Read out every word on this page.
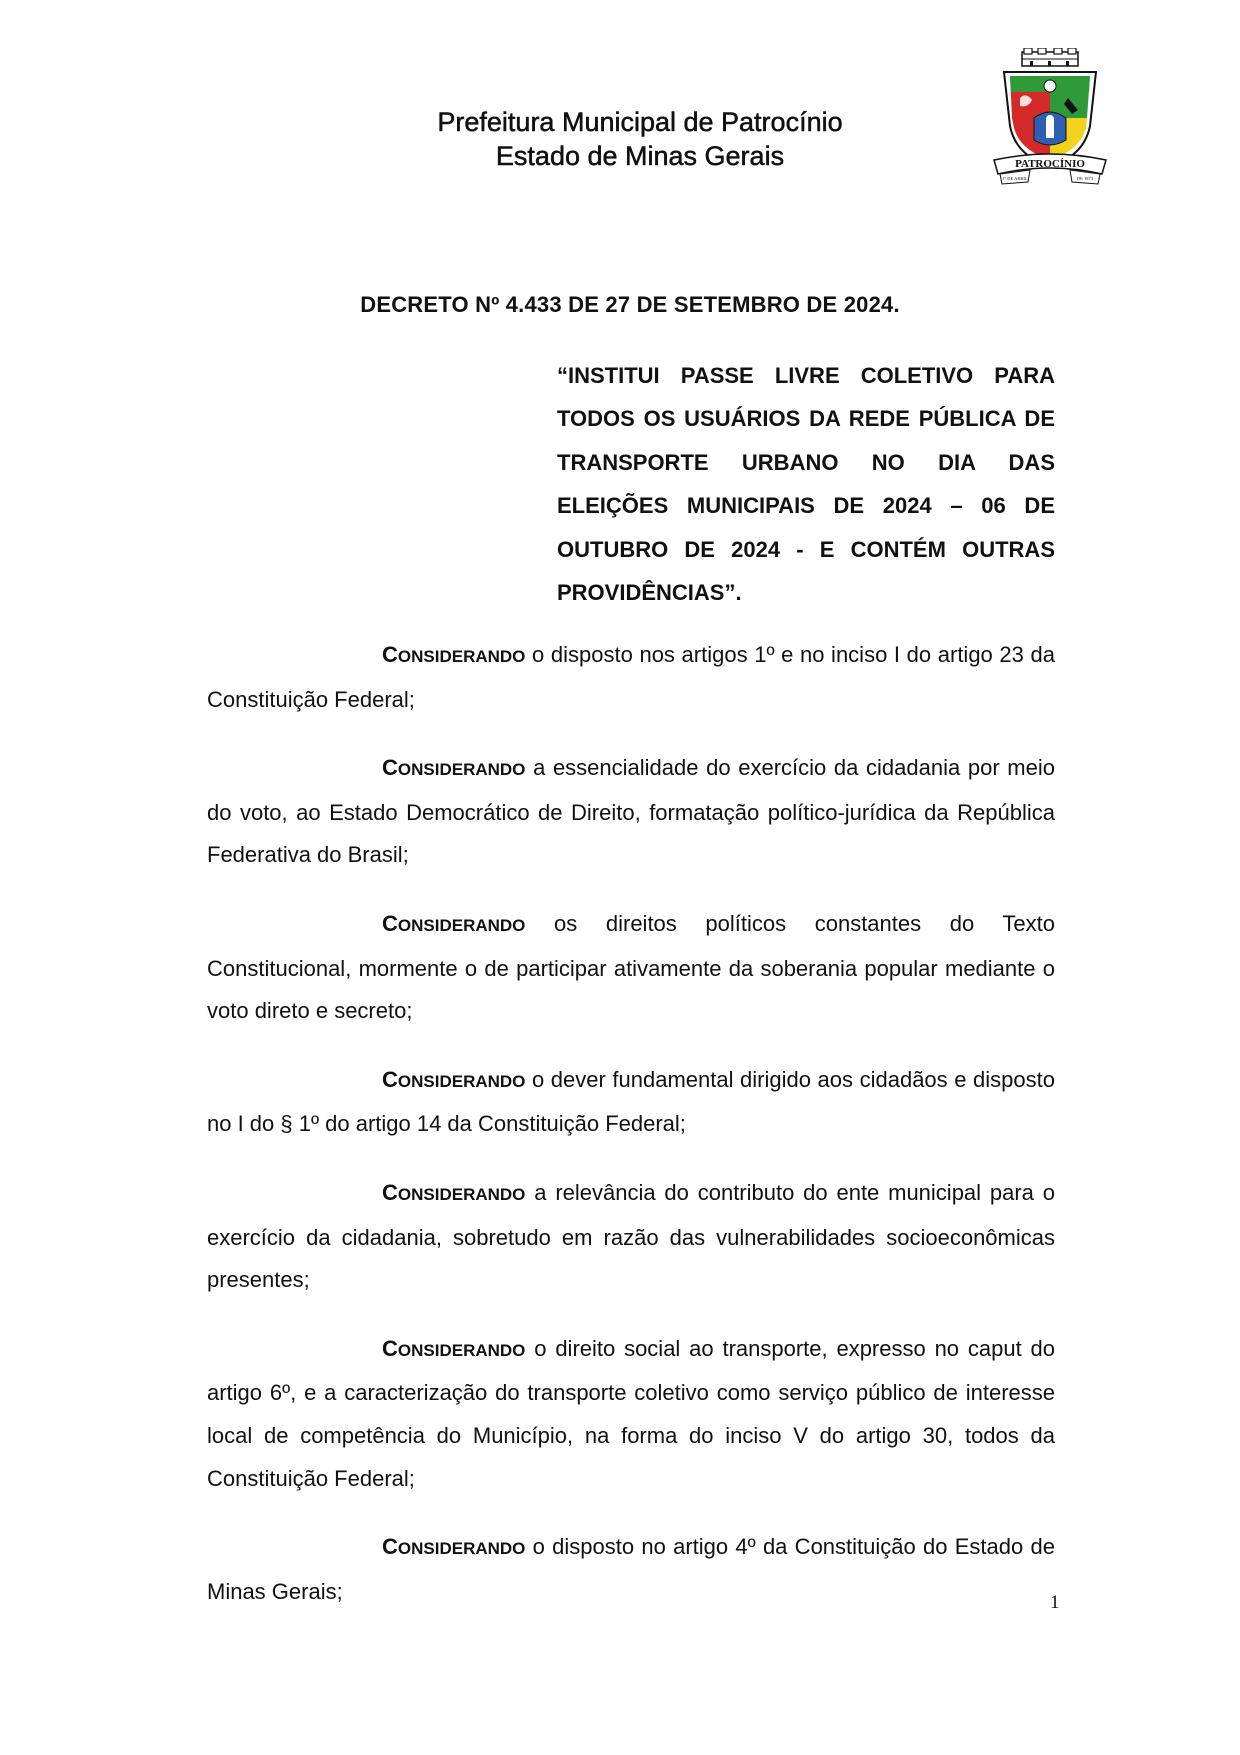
Prefeitura Municipal de Patrocínio
Estado de Minas Gerais	PATROCÍNIO
1º DE ABRIL	DE 1873
DECRETO Nº 4.433 DE 27 DE SETEMBRO DE 2024.
“INSTITUI PASSE LIVRE COLETIVO PARA TODOS OS USUÁRIOS DA REDE PÚBLICA DE TRANSPORTE URBANO NO DIA DAS ELEIÇÕES MUNICIPAIS DE 2024 – 06 DE OUTUBRO DE 2024 - E CONTÉM OUTRAS PROVIDÊNCIAS”.

CONSIDERANDO o disposto nos artigos 1º e no inciso I do artigo 23 da Constituição Federal;

CONSIDERANDO a essencialidade do exercício da cidadania por meio do voto, ao Estado Democrático de Direito, formatação político-jurídica da República Federativa do Brasil;

CONSIDERANDO os direitos políticos constantes do Texto Constitucional, mormente o de participar ativamente da soberania popular mediante o voto direto e secreto;

CONSIDERANDO o dever fundamental dirigido aos cidadãos e disposto no I do § 1º do artigo 14 da Constituição Federal;

CONSIDERANDO a relevância do contributo do ente municipal para o exercício da cidadania, sobretudo em razão das vulnerabilidades socioeconômicas presentes;

CONSIDERANDO o direito social ao transporte, expresso no caput do artigo 6º, e a caracterização do transporte coletivo como serviço público de interesse local de competência do Município, na forma do inciso V do artigo 30, todos da Constituição Federal;

CONSIDERANDO o disposto no artigo 4º da Constituição do Estado de Minas Gerais;	1
